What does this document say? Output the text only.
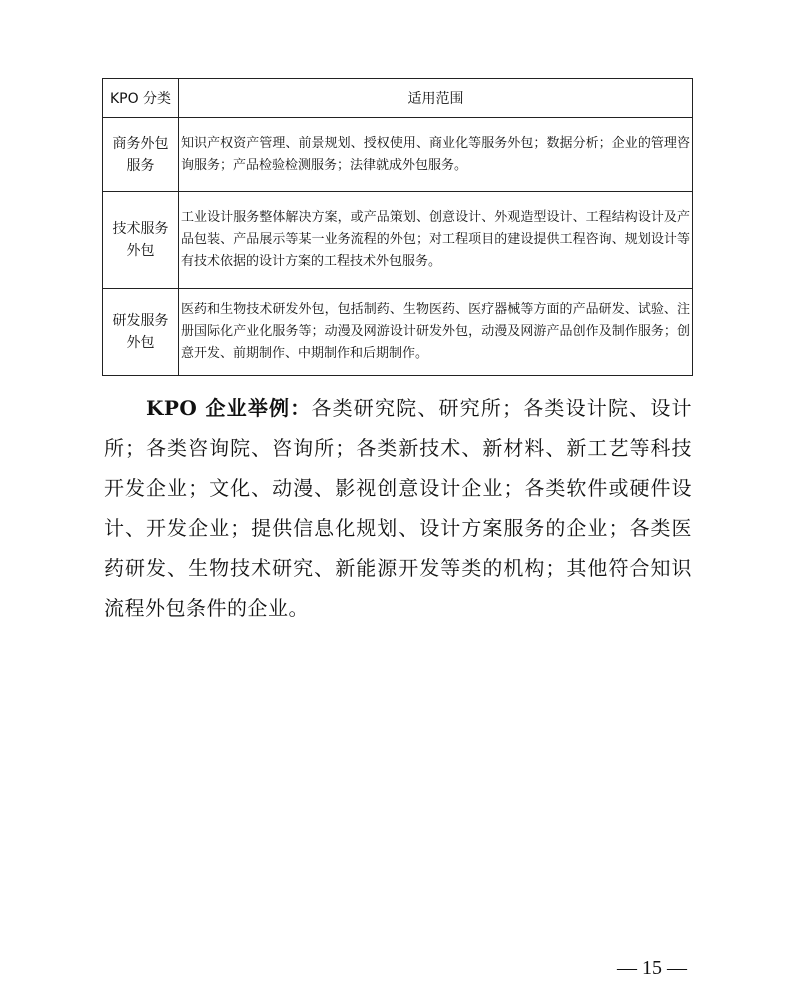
KPO 分类	适用范围
商务外包服务	知识产权资产管理、前景规划、授权使用、商业化等服务外包；数据分析；企业的管理咨询服务；产品检验检测服务；法律就成外包服务。
技术服务外包	工业设计服务整体解决方案，或产品策划、创意设计、外观造型设计、工程结构设计及产品包装、产品展示等某一业务流程的外包；对工程项目的建设提供工程咨询、规划设计等有技术依据的设计方案的工程技术外包服务。
研发服务外包	医药和生物技术研发外包，包括制药、生物医药、医疗器械等方面的产品研发、试验、注册国际化产业化服务等；动漫及网游设计研发外包，动漫及网游产品创作及制作服务；创意开发、前期制作、中期制作和后期制作。
KPO 企业举例：各类研究院、研究所；各类设计院、设计所；各类咨询院、咨询所；各类新技术、新材料、新工艺等科技开发企业；文化、动漫、影视创意设计企业；各类软件或硬件设计、开发企业；提供信息化规划、设计方案服务的企业；各类医药研发、生物技术研究、新能源开发等类的机构；其他符合知识流程外包条件的企业。
— 15 —
